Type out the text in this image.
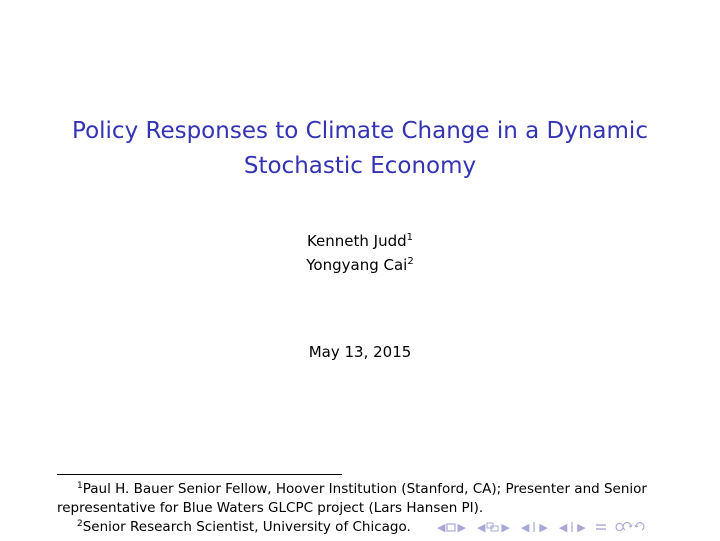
Policy Responses to Climate Change in a Dynamic Stochastic Economy
Kenneth Judd$^1$
Yongyang Cai$^2$
May 13, 2015

$^1$Paul H. Bauer Senior Fellow, Hoover Institution (Stanford, CA); Presenter and Senior representative for Blue Waters GLCPC project (Lars Hansen PI).

$^2$Senior Research Scientist, University of Chicago.	◀ ▶ ◀ ▶ ◀ ▶ ◀ ▶
